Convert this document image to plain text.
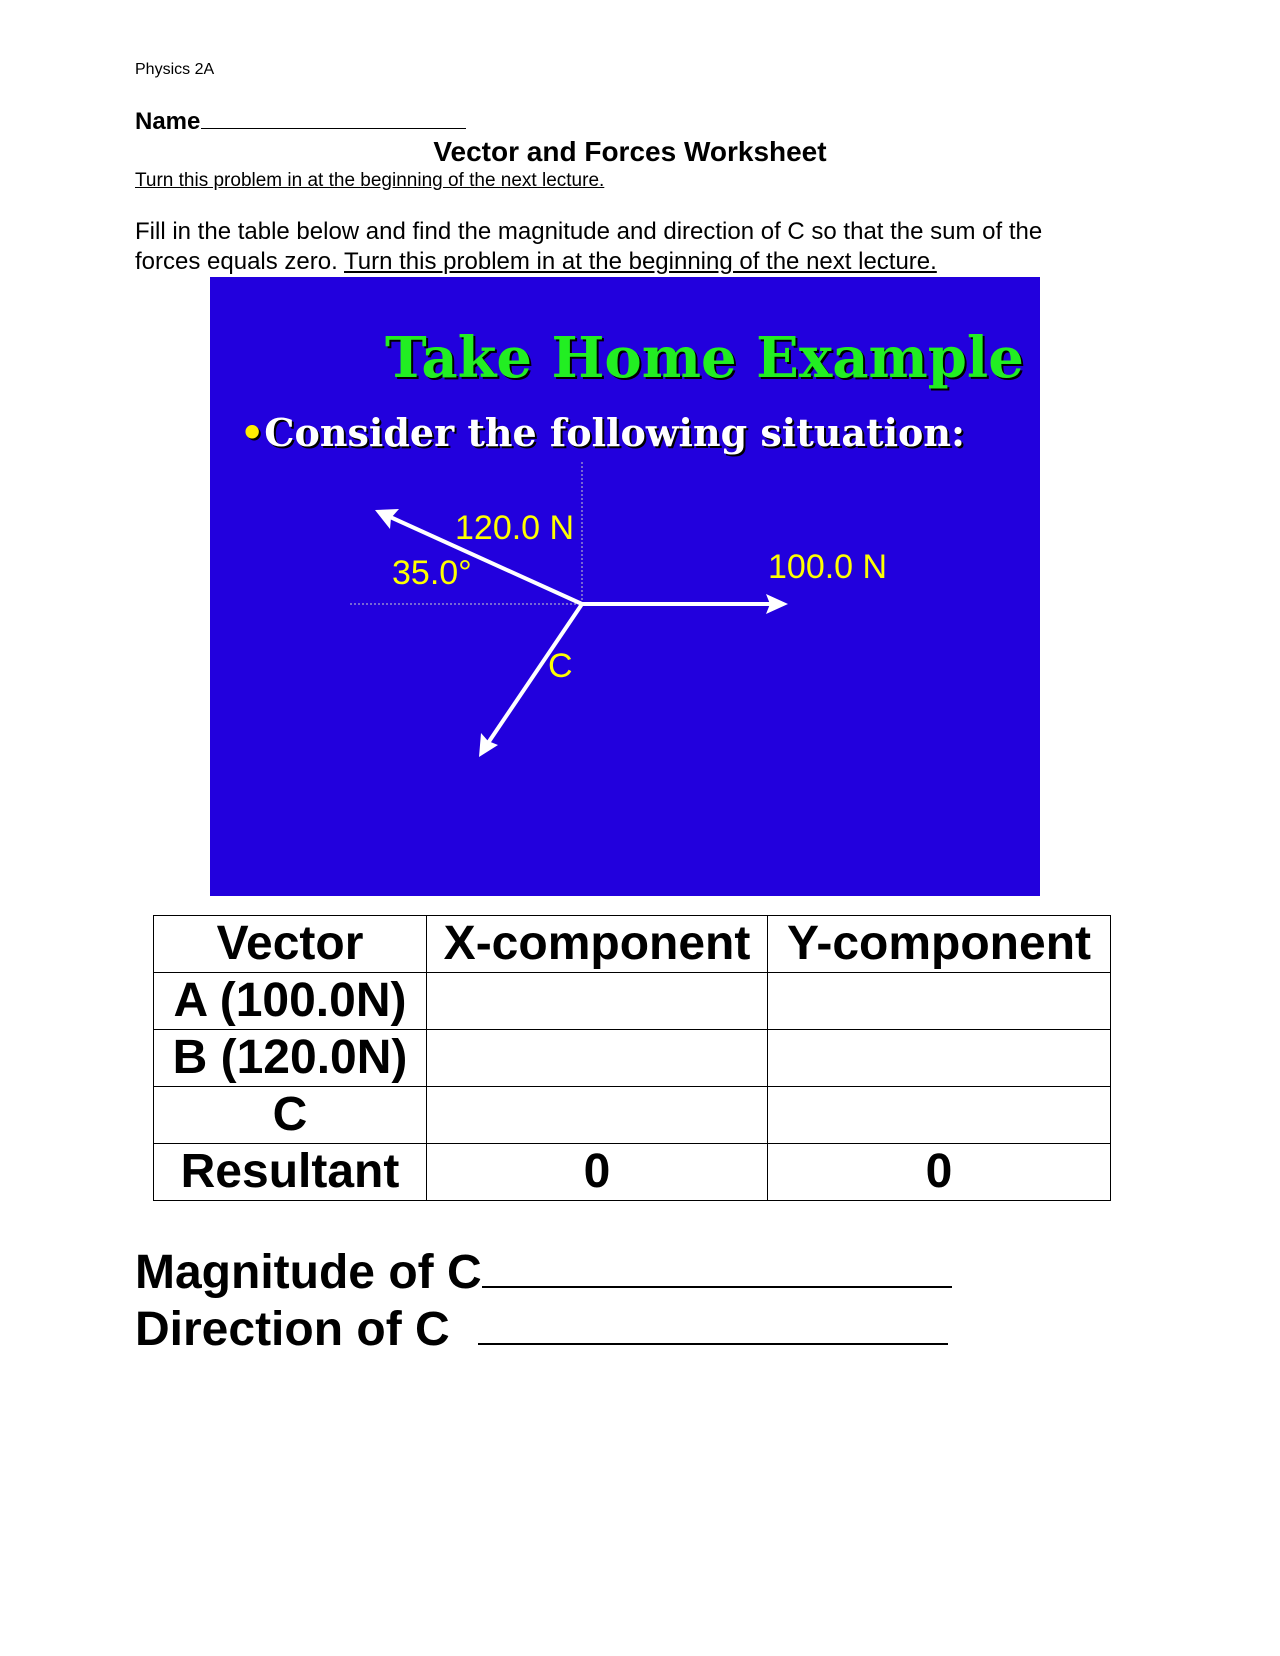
Physics 2A
Name
Vector and Forces Worksheet
Turn this problem in at the beginning of the next lecture.
Fill in the table below and find the magnitude and direction of C so that the sum of the forces equals zero. Turn this problem in at the beginning of the next lecture.
Take Home Example
•Consider the following situation:
120.0 N
35.0°	100.0 N
C
Vector	X-component	Y-component
A (100.0N)		
B (120.0N)		
C		
Resultant	0	0
Magnitude of C
Direction of C
